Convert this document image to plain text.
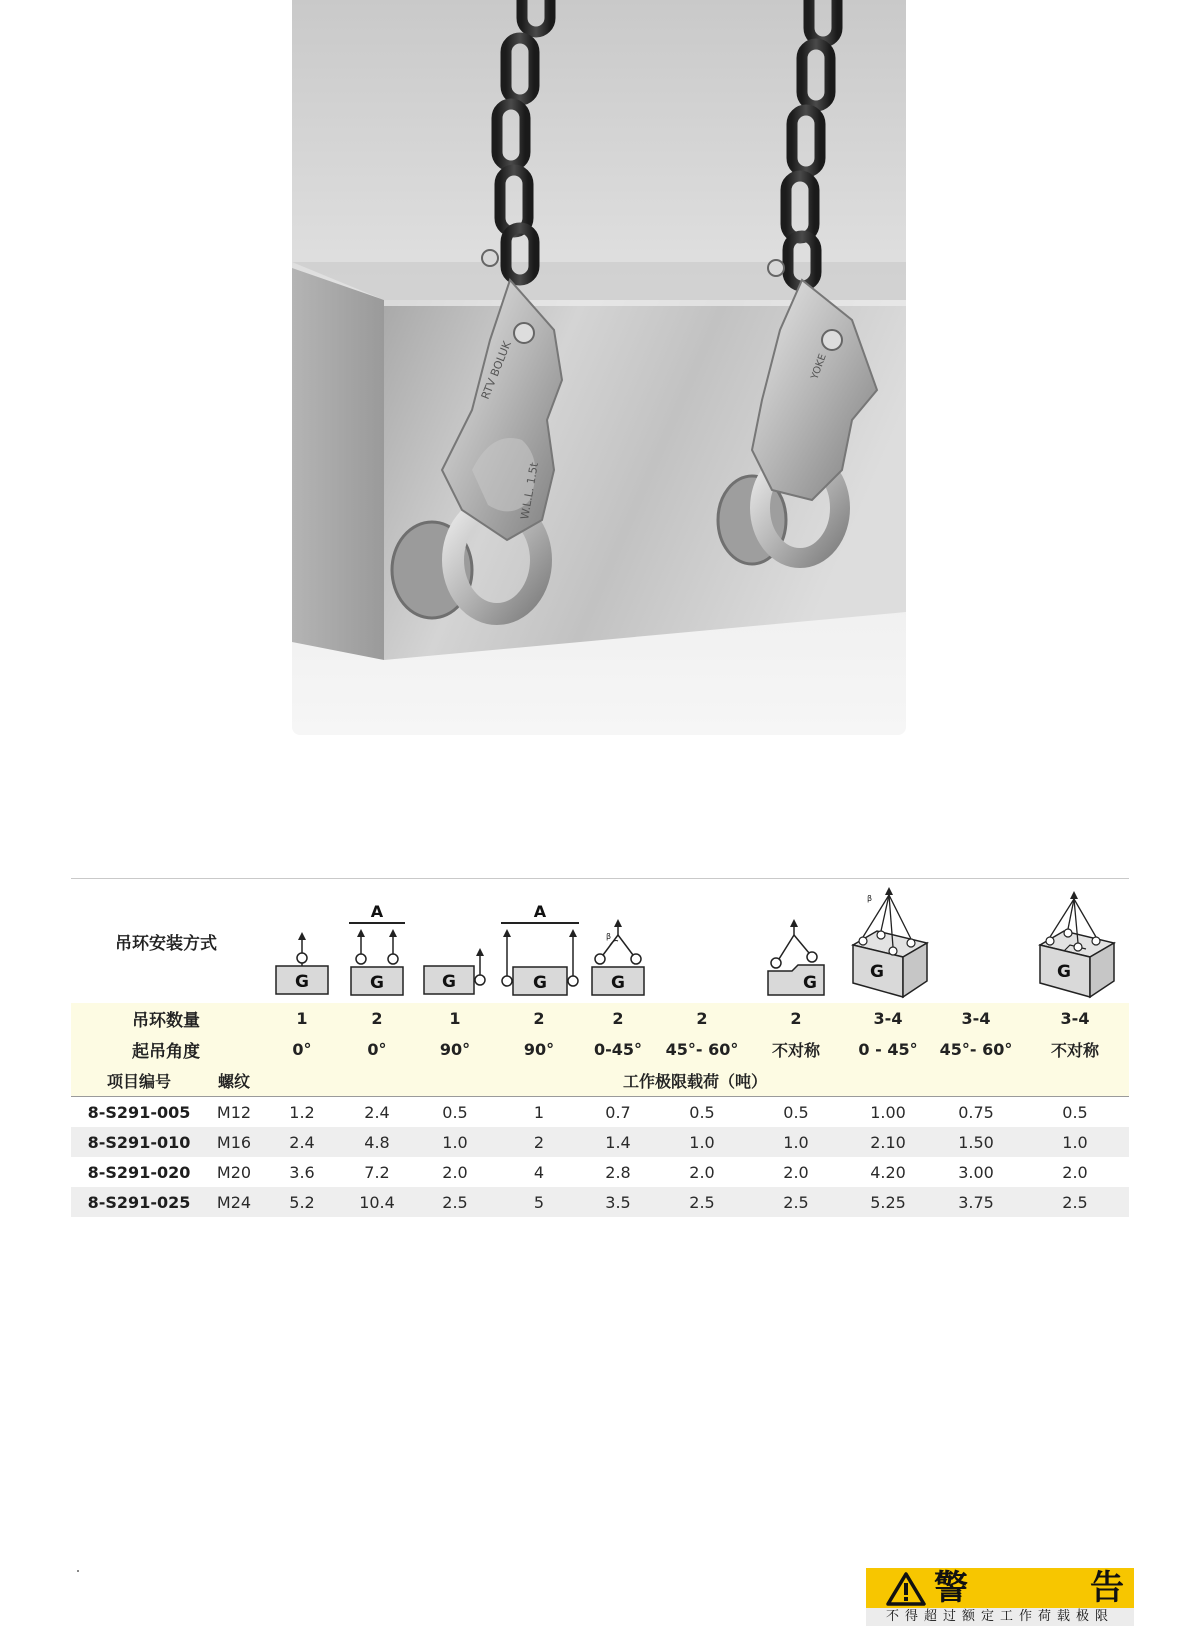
RTV BOLUK
W.L.L. 1.5t
YOKE
吊环安装方式		G	A
G	G	A
G	G
β		G	G
β		G

吊环数量		1	2	1	2	2	2	2	3-4	3-4	3-4
起吊角度		0°	0°	90°	90°	0-45°	45°- 60°	不对称	0 - 45°	45°- 60°	不对称
项目编号	螺纹	工作极限载荷（吨）									
8-S291-005	M12	1.2	2.4	0.5	1	0.7	0.5	0.5	1.00	0.75	0.5
8-S291-010	M16	2.4	4.8	1.0	2	1.4	1.0	1.0	2.10	1.50	1.0
8-S291-020	M20	3.6	7.2	2.0	4	2.8	2.0	2.0	4.20	3.00	2.0
8-S291-025	M24	5.2	10.4	2.5	5	3.5	2.5	2.5	5.25	3.75	2.5
警	告
不得超过额定工作荷载极限
